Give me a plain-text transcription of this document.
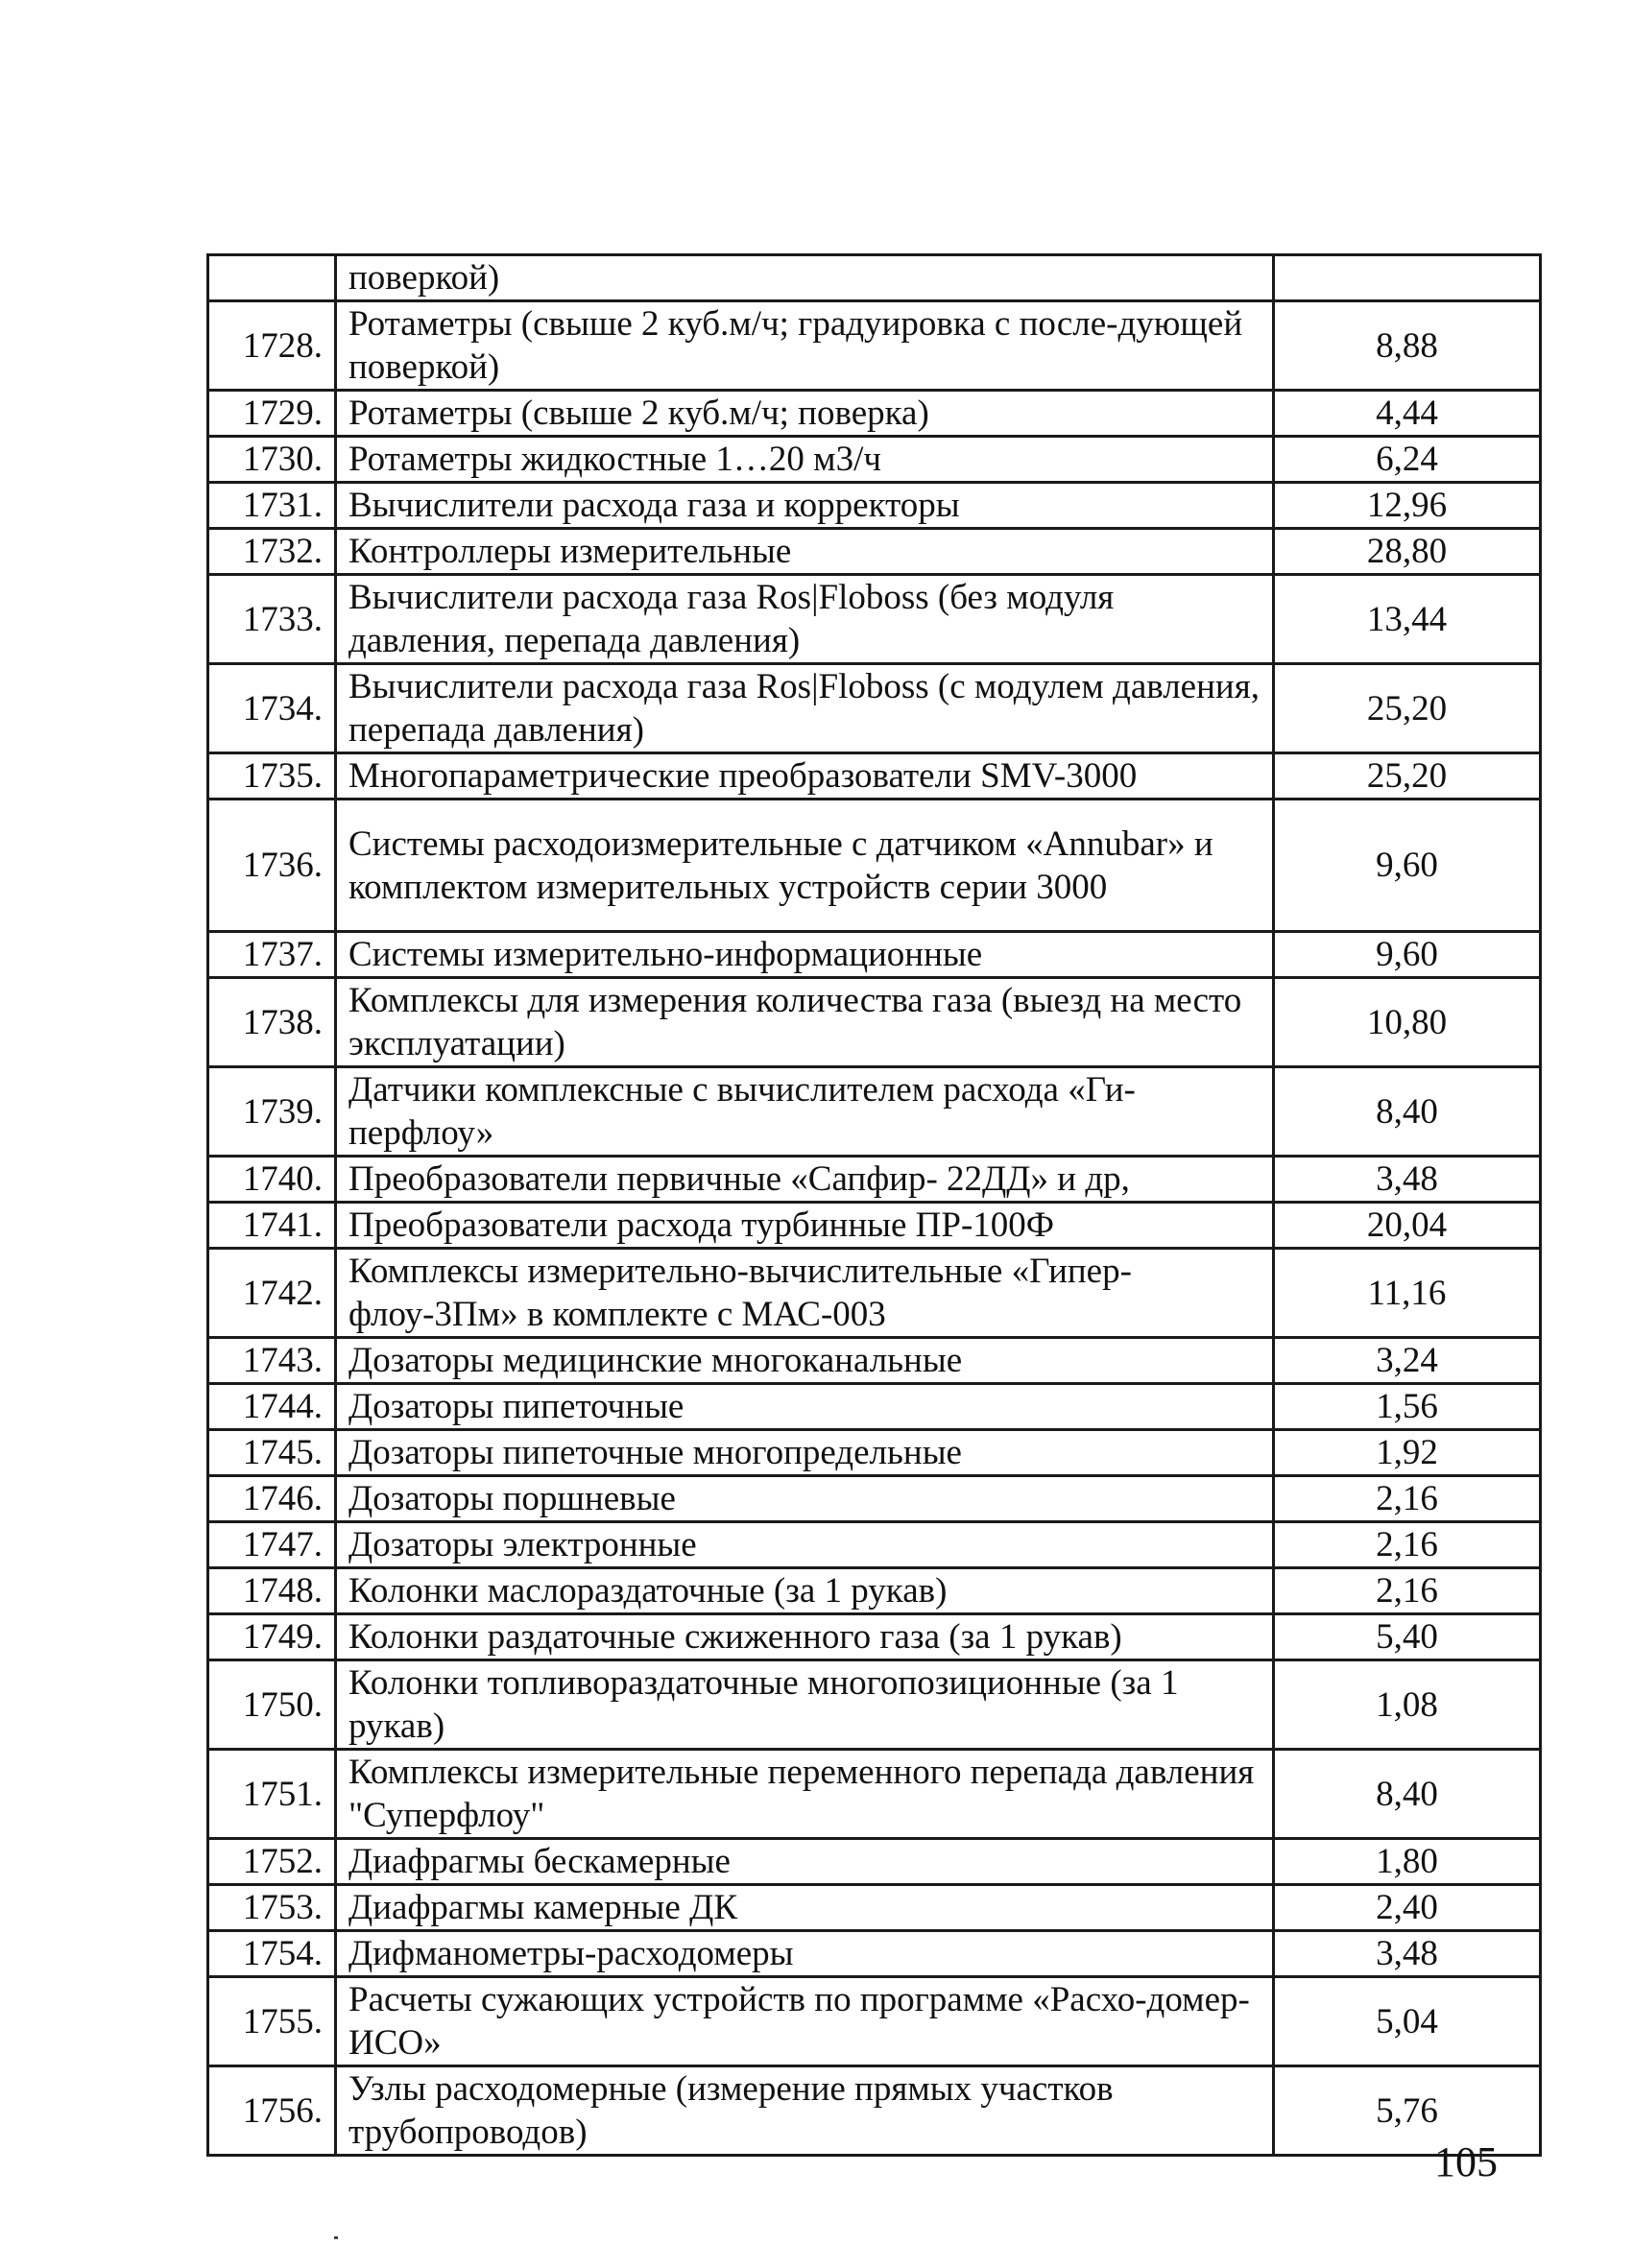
	поверкой)	
1728.	Ротаметры (свыше 2 куб.м/ч; градуировка с после-дующей поверкой)	8,88
1729.	Ротаметры (свыше 2 куб.м/ч; поверка)	4,44
1730.	Ротаметры жидкостные 1…20 м3/ч	6,24
1731.	Вычислители расхода газа и корректоры	12,96
1732.	Контроллеры измерительные	28,80
1733.	Вычислители расхода газа Ros|Floboss (без модуля давления, перепада давления)	13,44
1734.	Вычислители расхода газа Ros|Floboss (с модулем давления, перепада давления)	25,20
1735.	Многопараметрические преобразователи SMV-3000	25,20
1736.	Системы расходоизмерительные с датчиком «Annubar» и комплектом измерительных устройств серии 3000	9,60
1737.	Системы измерительно-информационные	9,60
1738.	Комплексы для измерения количества газа (выезд на место эксплуатации)	10,80
1739.	Датчики комплексные с вычислителем расхода «Ги-перфлоу»	8,40
1740.	Преобразователи первичные «Сапфир- 22ДД» и др,	3,48
1741.	Преобразователи расхода турбинные ПР-100Ф	20,04
1742.	Комплексы измерительно-вычислительные «Гипер-флоу-3Пм» в комплекте с МАС-003	11,16
1743.	Дозаторы медицинские многоканальные	3,24
1744.	Дозаторы пипеточные	1,56
1745.	Дозаторы пипеточные многопредельные	1,92
1746.	Дозаторы поршневые	2,16
1747.	Дозаторы электронные	2,16
1748.	Колонки маслораздаточные (за 1 рукав)	2,16
1749.	Колонки раздаточные сжиженного газа (за 1 рукав)	5,40
1750.	Колонки топливораздаточные многопозиционные (за 1 рукав)	1,08
1751.	Комплексы измерительные переменного перепада давления "Суперфлоу"	8,40
1752.	Диафрагмы бескамерные	1,80
1753.	Диафрагмы камерные ДК	2,40
1754.	Дифманометры-расходомеры	3,48
1755.	Расчеты сужающих устройств по программе «Расхо-домер-ИСО»	5,04
1756.	Узлы расходомерные (измерение прямых участков трубопроводов)	5,76
105
